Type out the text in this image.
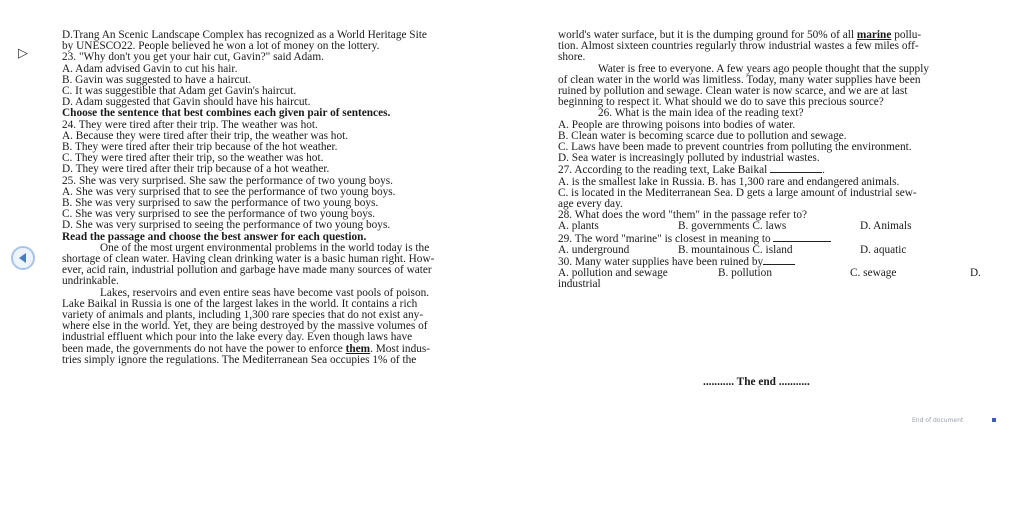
▷

D.Trang An Scenic Landscape Complex has recognized as a World Heritage Site

by UNESCO22. People believed he won a lot of money on the lottery.

23. "Why don't you get your hair cut, Gavin?" said Adam.

A. Adam advised Gavin to cut his hair.

B. Gavin was suggested to have a haircut.

C. It was suggestible that Adam get Gavin's haircut.

D. Adam suggested that Gavin should have his haircut.

Choose the sentence that best combines each given pair of sentences.

24. They were tired after their trip. The weather was hot.

A. Because they were tired after their trip, the weather was hot.

B. They were tired after their trip because of the hot weather.

C. They were tired after their trip, so the weather was hot.

D. They were tired after their trip because of a hot weather.

25. She was very surprised. She saw the performance of two young boys.

A. She was very surprised that to see the performance of two young boys.

B. She was very surprised to saw the performance of two young boys.

C. She was very surprised to see the performance of two young boys.

D. She was very surprised to seeing the performance of two young boys.

Read the passage and choose the best answer for each question.

One of the most urgent environmental problems in the world today is the

shortage of clean water. Having clean drinking water is a basic human right. How-

ever, acid rain, industrial pollution and garbage have made many sources of water

undrinkable.

Lakes, reservoirs and even entire seas have become vast pools of poison.

Lake Baikal in Russia is one of the largest lakes in the world. It contains a rich

variety of animals and plants, including 1,300 rare species that do not exist any-

where else in the world. Yet, they are being destroyed by the massive volumes of

industrial effluent which pour into the lake every day. Even though laws have

been made, the governments do not have the power to enforce them. Most indus-

tries simply ignore the regulations. The Mediterranean Sea occupies 1% of the

world's water surface, but it is the dumping ground for 50% of all marine pollu-

tion. Almost sixteen countries regularly throw industrial wastes a few miles off-

shore.

Water is free to everyone. A few years ago people thought that the supply

of clean water in the world was limitless. Today, many water supplies have been

ruined by pollution and sewage. Clean water is now scarce, and we are at last

beginning to respect it. What should we do to save this precious source?

26. What is the main idea of the reading text?

A. People are throwing poisons into bodies of water.

B. Clean water is becoming scarce due to pollution and sewage.

C. Laws have been made to prevent countries from polluting the environment.

D. Sea water is increasingly polluted by industrial wastes.

27. According to the reading text, Lake Baikal	.

A. is the smallest lake in Russia. B. has 1,300 rare and endangered animals.

C. is located in the Mediterranean Sea. D gets a large amount of industrial sew-

age every day.

28. What does the word "them" in the passage refer to?

A. plants	B. governments C. laws	D. Animals

29. The word "marine" is closest in meaning to

A. underground	B. mountainous C. island	D. aquatic

30. Many water supplies have been ruined by

A. pollution and sewage	B. pollution	C. sewage	D.

industrial

........... The end ...........
End of document
